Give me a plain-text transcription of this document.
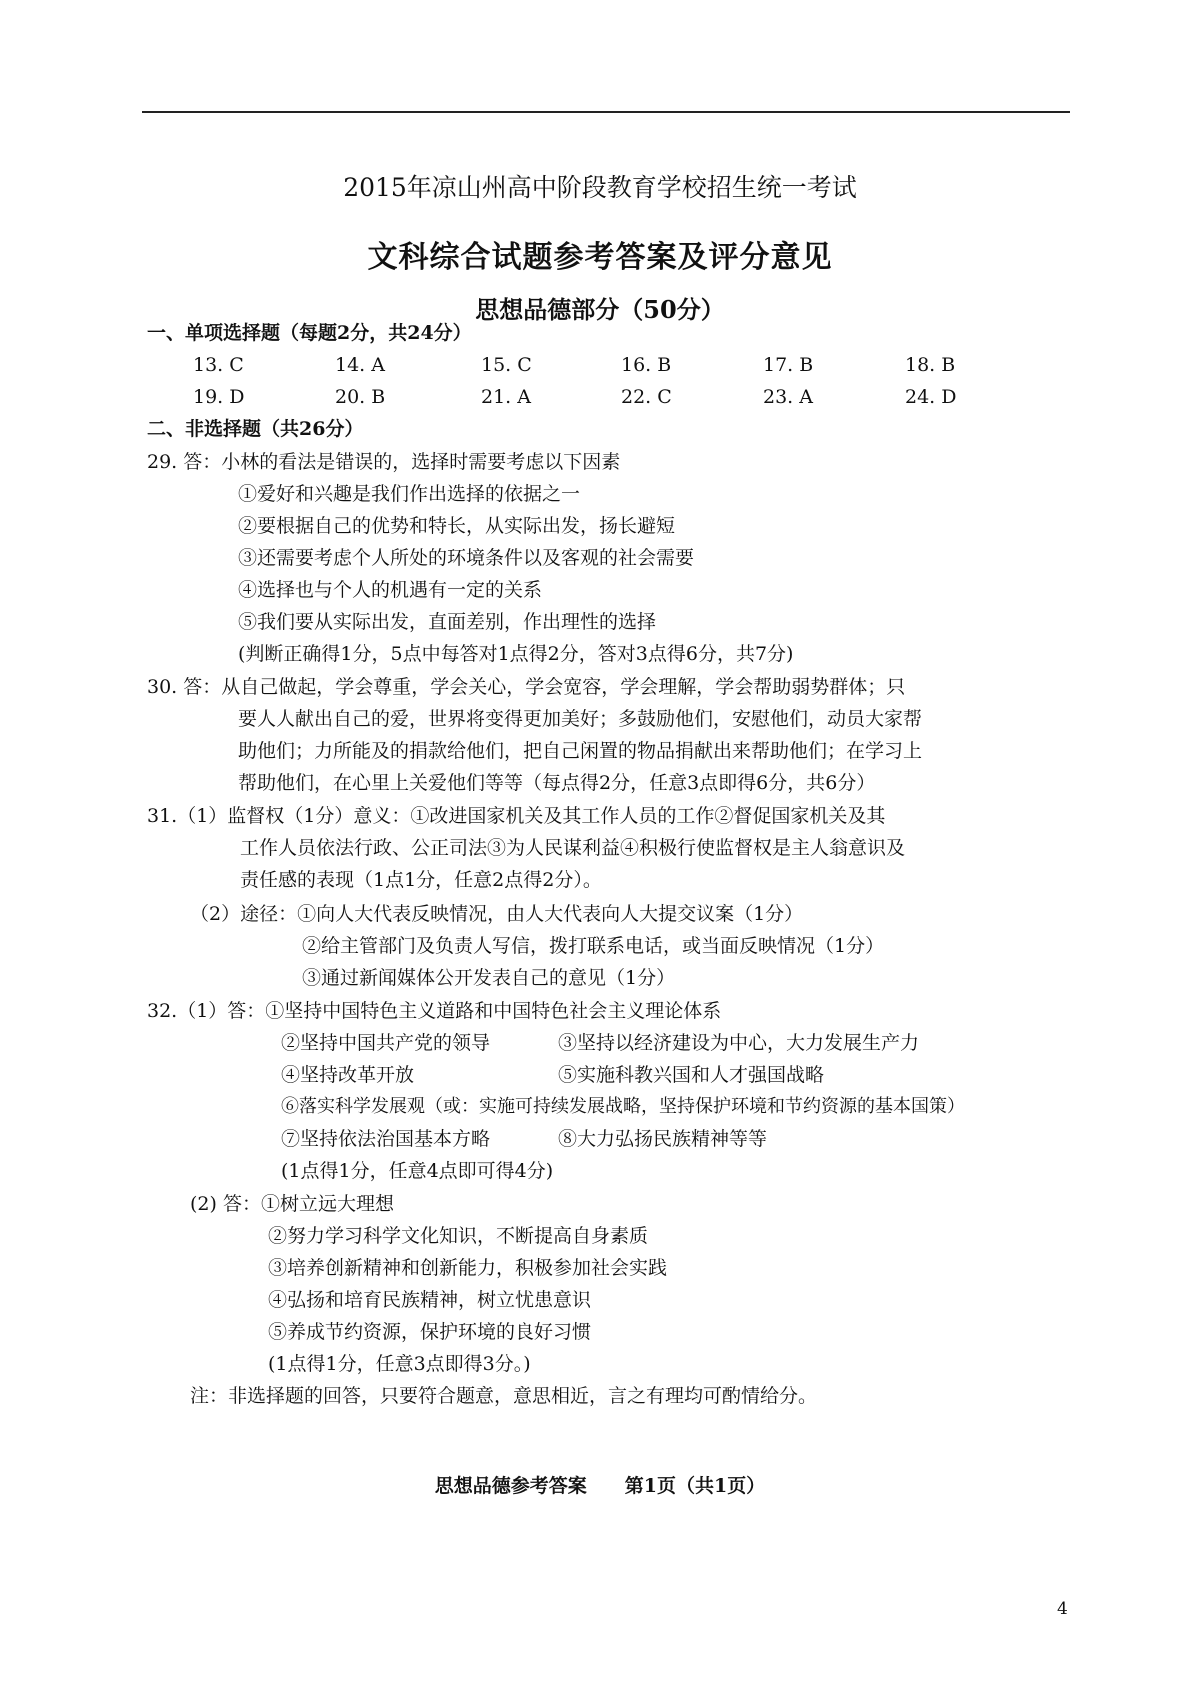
2015年凉山州高中阶段教育学校招生统一考试
文科综合试题参考答案及评分意见
思想品德部分（50分）
一、单项选择题（每题2分，共24分）
13. C	14. A	15. C	16. B	17. B	18. B
19. D	20. B	21. A	22. C	23. A	24. D
二、非选择题（共26分）
29. 答：小林的看法是错误的，选择时需要考虑以下因素
①爱好和兴趣是我们作出选择的依据之一
②要根据自己的优势和特长，从实际出发，扬长避短
③还需要考虑个人所处的环境条件以及客观的社会需要
④选择也与个人的机遇有一定的关系
⑤我们要从实际出发，直面差别，作出理性的选择
(判断正确得1分，5点中每答对1点得2分，答对3点得6分，共7分)
30. 答：从自己做起，学会尊重，学会关心，学会宽容，学会理解，学会帮助弱势群体；只
要人人献出自己的爱，世界将变得更加美好；多鼓励他们，安慰他们，动员大家帮
助他们；力所能及的捐款给他们，把自己闲置的物品捐献出来帮助他们；在学习上
帮助他们，在心里上关爱他们等等（每点得2分，任意3点即得6分，共6分）
31.（1）监督权（1分）意义：①改进国家机关及其工作人员的工作②督促国家机关及其
工作人员依法行政、公正司法③为人民谋利益④积极行使监督权是主人翁意识及
责任感的表现（1点1分，任意2点得2分）。
（2）途径：①向人大代表反映情况，由人大代表向人大提交议案（1分）
②给主管部门及负责人写信，拨打联系电话，或当面反映情况（1分）
③通过新闻媒体公开发表自己的意见（1分）
32.（1）答：①坚持中国特色主义道路和中国特色社会主义理论体系
②坚持中国共产党的领导	③坚持以经济建设为中心，大力发展生产力
④坚持改革开放	⑤实施科教兴国和人才强国战略
⑥落实科学发展观（或：实施可持续发展战略，坚持保护环境和节约资源的基本国策）
⑦坚持依法治国基本方略	⑧大力弘扬民族精神等等
(1点得1分，任意4点即可得4分)
(2) 答：①树立远大理想
②努力学习科学文化知识，不断提高自身素质
③培养创新精神和创新能力，积极参加社会实践
④弘扬和培育民族精神，树立忧患意识
⑤养成节约资源，保护环境的良好习惯
(1点得1分，任意3点即得3分。)
注：非选择题的回答，只要符合题意，意思相近，言之有理均可酌情给分。
思想品德参考答案　　第1页（共1页）
4
